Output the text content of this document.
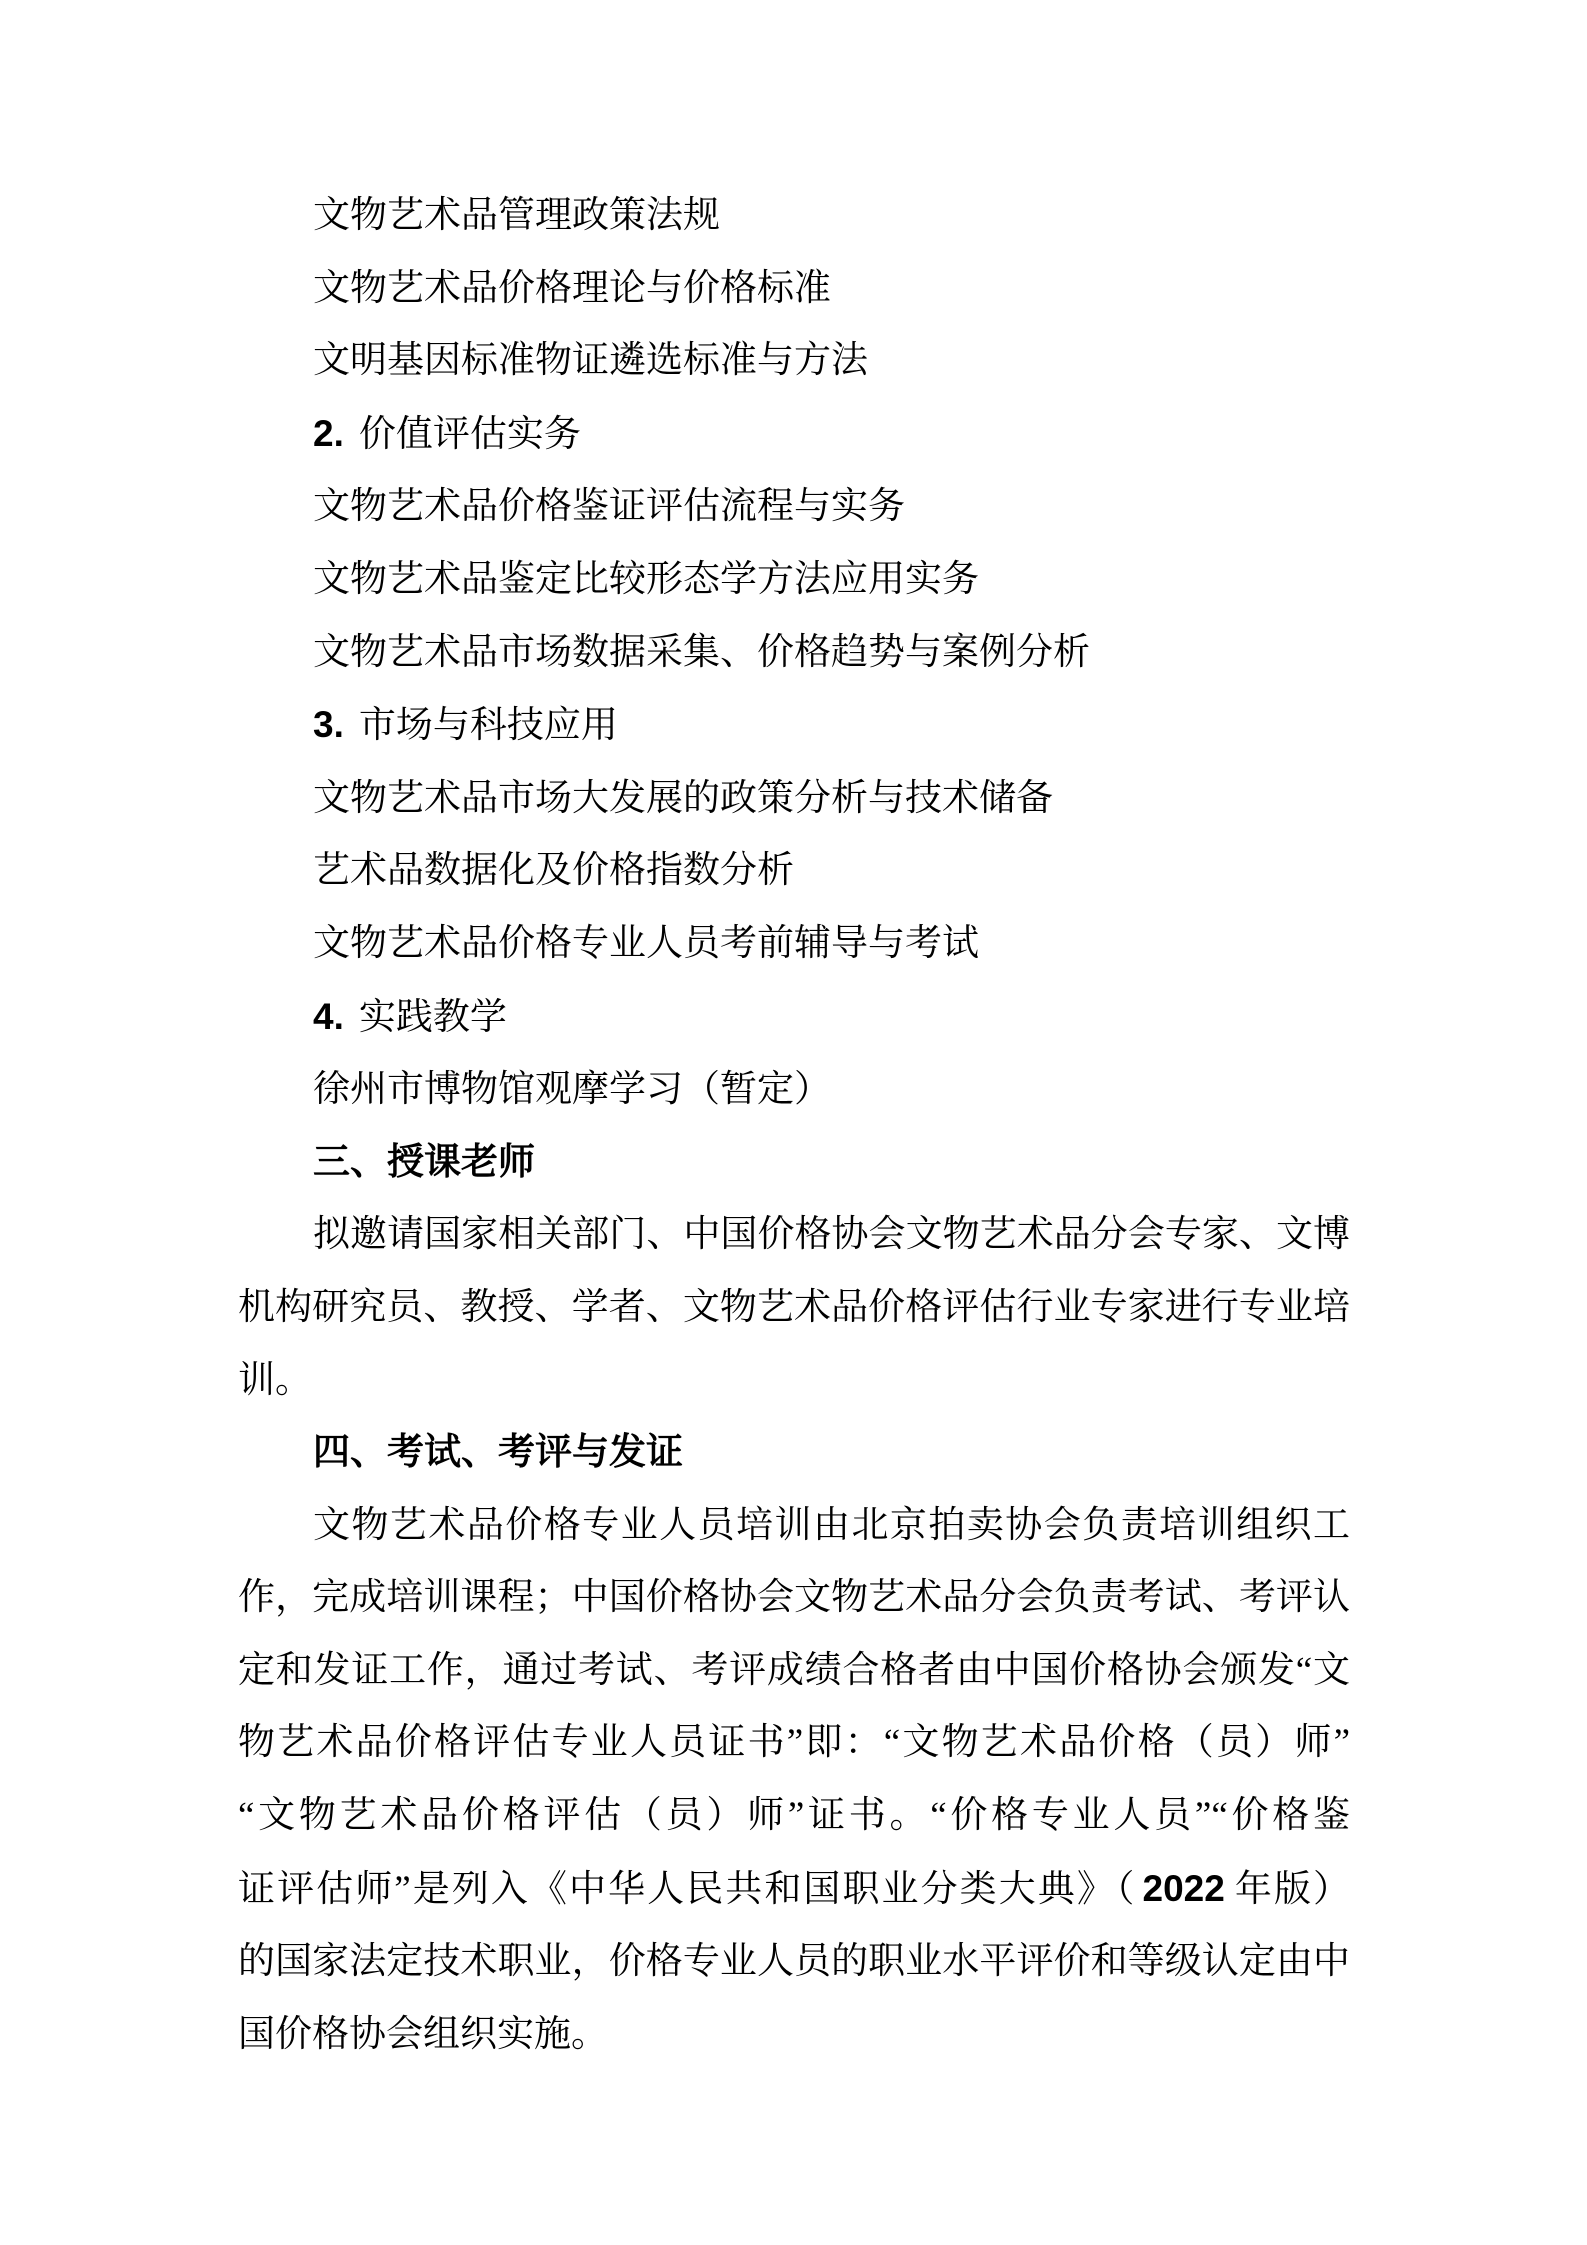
文物艺术品管理政策法规
文物艺术品价格理论与价格标准
文明基因标准物证遴选标准与方法
2. 价值评估实务
文物艺术品价格鉴证评估流程与实务
文物艺术品鉴定比较形态学方法应用实务
文物艺术品市场数据采集、价格趋势与案例分析
3. 市场与科技应用
文物艺术品市场大发展的政策分析与技术储备
艺术品数据化及价格指数分析
文物艺术品价格专业人员考前辅导与考试
4. 实践教学
徐州市博物馆观摩学习（暂定）
三、授课老师
拟邀请国家相关部门、中国价格协会文物艺术品分会专家、文博
机构研究员、教授、学者、文物艺术品价格评估行业专家进行专业培
训。
四、考试、考评与发证
文物艺术品价格专业人员培训由北京拍卖协会负责培训组织工
作，完成培训课程；中国价格协会文物艺术品分会负责考试、考评认
定和发证工作，通过考试、考评成绩合格者由中国价格协会颁发“文
物艺术品价格评估专业人员证书”即：“文物艺术品价格（员）师”
“文物艺术品价格评估（员）师”证书。“价格专业人员”“价格鉴
证评估师”是列入《中华人民共和国职业分类大典》（ 2022 年版）
的国家法定技术职业，价格专业人员的职业水平评价和等级认定由中
国价格协会组织实施。
